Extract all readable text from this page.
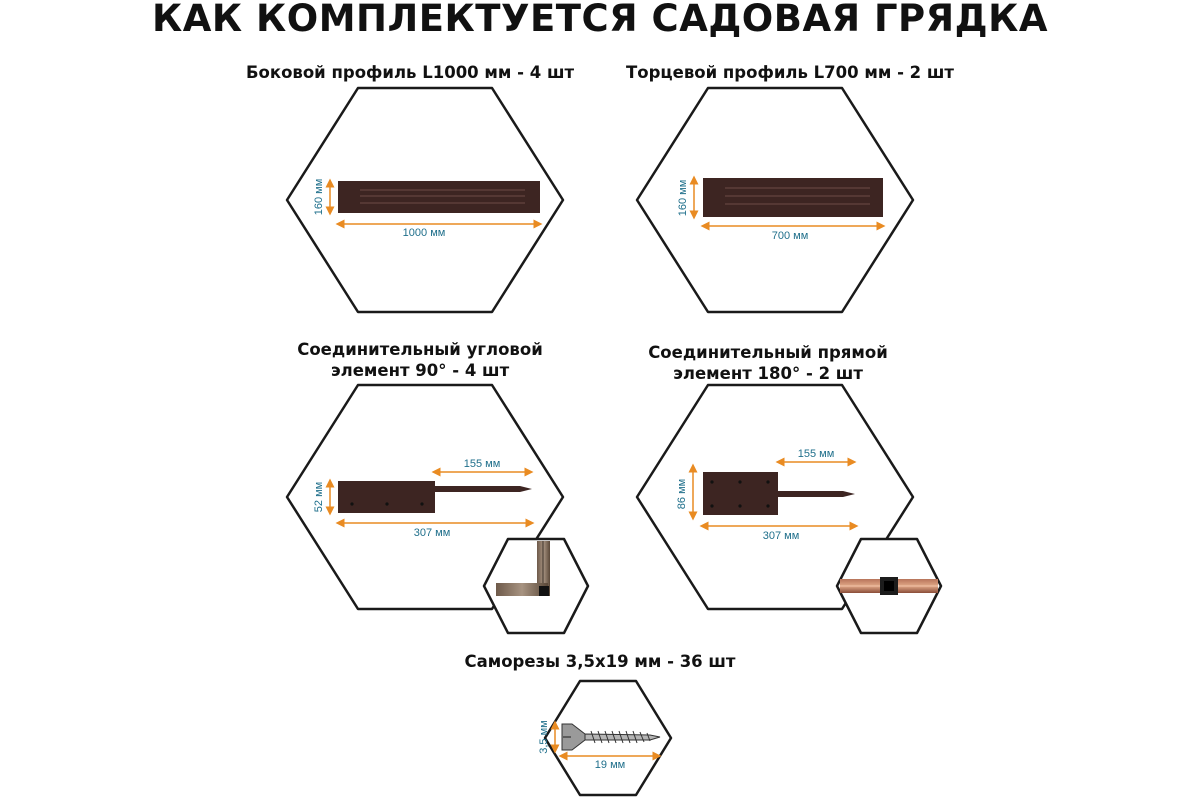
КАК КОМПЛЕКТУЕТСЯ САДОВАЯ ГРЯДКА
Боковой профиль L1000 мм - 4 шт	Торцевой профиль L700 мм - 2 шт
Соединительный угловой
элемент 90° - 4 шт
Соединительный прямой
элемент 180° - 2 шт
Саморезы 3,5х19 мм - 36 шт
160 мм
1000 мм
160 мм
700 мм
155 мм
52 мм
307 мм
155 мм
86 мм
307 мм
3,5 мм
19 мм
